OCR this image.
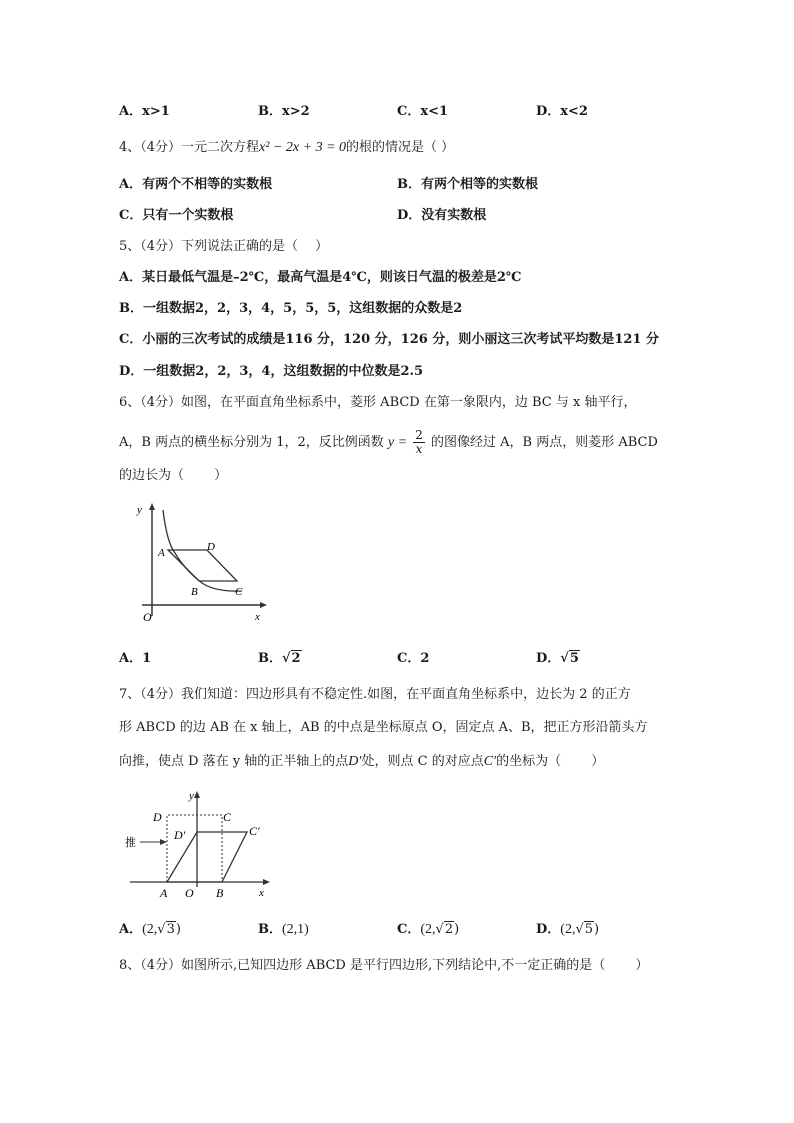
A．x>1	B．x>2	C．x<1	D．x<2
4、（4分）一元二次方程x² − 2x + 3 = 0的根的情况是（ ）
A．有两个不相等的实数根	B．有两个相等的实数根
C．只有一个实数根	D．没有实数根
5、（4分）下列说法正确的是（　 ）
A．某日最低气温是–2℃，最高气温是4℃，则该日气温的极差是2℃
B．一组数据2，2，3，4，5，5，5，这组数据的众数是2
C．小丽的三次考试的成绩是116 分，120 分，126 分，则小丽这三次考试平均数是121 分
D．一组数据2，2，3，4，这组数据的中位数是2.5
6、（4分）如图，在平面直角坐标系中，菱形 ABCD 在第一象限内，边 BC 与 x 轴平行，
A，B 两点的横坐标分别为 1，2，反比例函数 $y = \frac{2}{x}$ 的图像经过 A，B 两点，则菱形 ABCD
的边长为（　　 ）
y
x
O
A	D
B	C
A．1	B．√2	C．2	D．√5
7、（4分）我们知道：四边形具有不稳定性.如图，在平面直角坐标系中，边长为 2 的正方
形 ABCD 的边 AB 在 x 轴上，AB 的中点是坐标原点 O，固定点 A、B，把正方形沿箭头方
向推，使点 D 落在 y 轴的正半轴上的点D′处，则点 C 的对应点C′的坐标为（　　 ）
推
y
x
D	C
D′	C′
A O B
A．(2,√3)	B．(2,1)	C．(2,√2)	D．(2,√5)
8、（4分）如图所示,已知四边形 ABCD 是平行四边形,下列结论中,不一定正确的是（　　 ）
